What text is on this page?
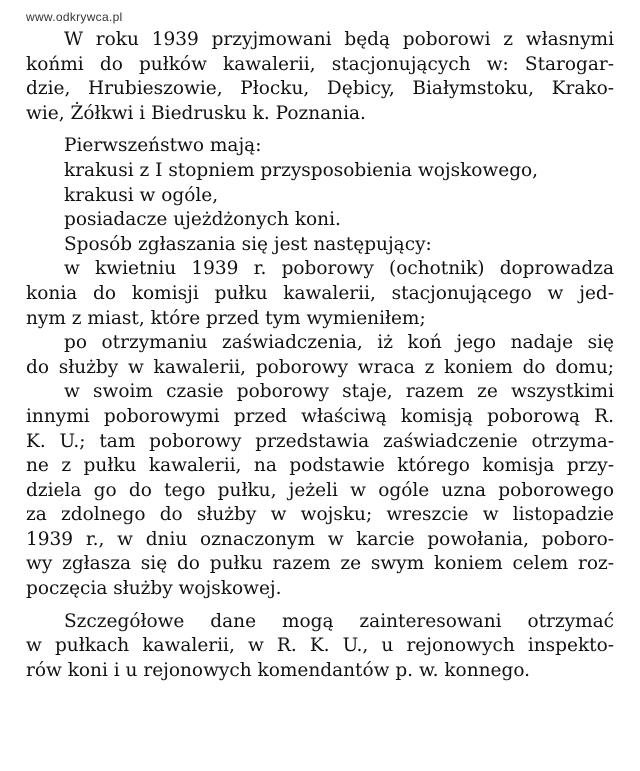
www.odkrywca.pl
W roku 1939 przyjmowani będą poborowi z własnymi
końmi do pułków kawalerii, stacjonujących w: Starogar-
dzie, Hrubieszowie, Płocku, Dębicy, Białymstoku, Krako-
wie, Żółkwi i Biedrusku k. Poznania.
Pierwszeństwo mają:
krakusi z I stopniem przysposobienia wojskowego,
krakusi w ogóle,
posiadacze ujeżdżonych koni.
Sposób zgłaszania się jest następujący:
w kwietniu 1939 r. poborowy (ochotnik) doprowadza
konia do komisji pułku kawalerii, stacjonującego w jed-
nym z miast, które przed tym wymieniłem;
po otrzymaniu zaświadczenia, iż koń jego nadaje się
do służby w kawalerii, poborowy wraca z koniem do domu;
w swoim czasie poborowy staje, razem ze wszystkimi
innymi poborowymi przed właściwą komisją poborową R.
K. U.; tam poborowy przedstawia zaświadczenie otrzyma-
ne z pułku kawalerii, na podstawie którego komisja przy-
dziela go do tego pułku, jeżeli w ogóle uzna poborowego
za zdolnego do służby w wojsku; wreszcie w listopadzie
1939 r., w dniu oznaczonym w karcie powołania, poboro-
wy zgłasza się do pułku razem ze swym koniem celem roz-
poczęcia służby wojskowej.
Szczegółowe dane mogą zainteresowani otrzymać
w pułkach kawalerii, w R. K. U., u rejonowych inspekto-
rów koni i u rejonowych komendantów p. w. konnego.
